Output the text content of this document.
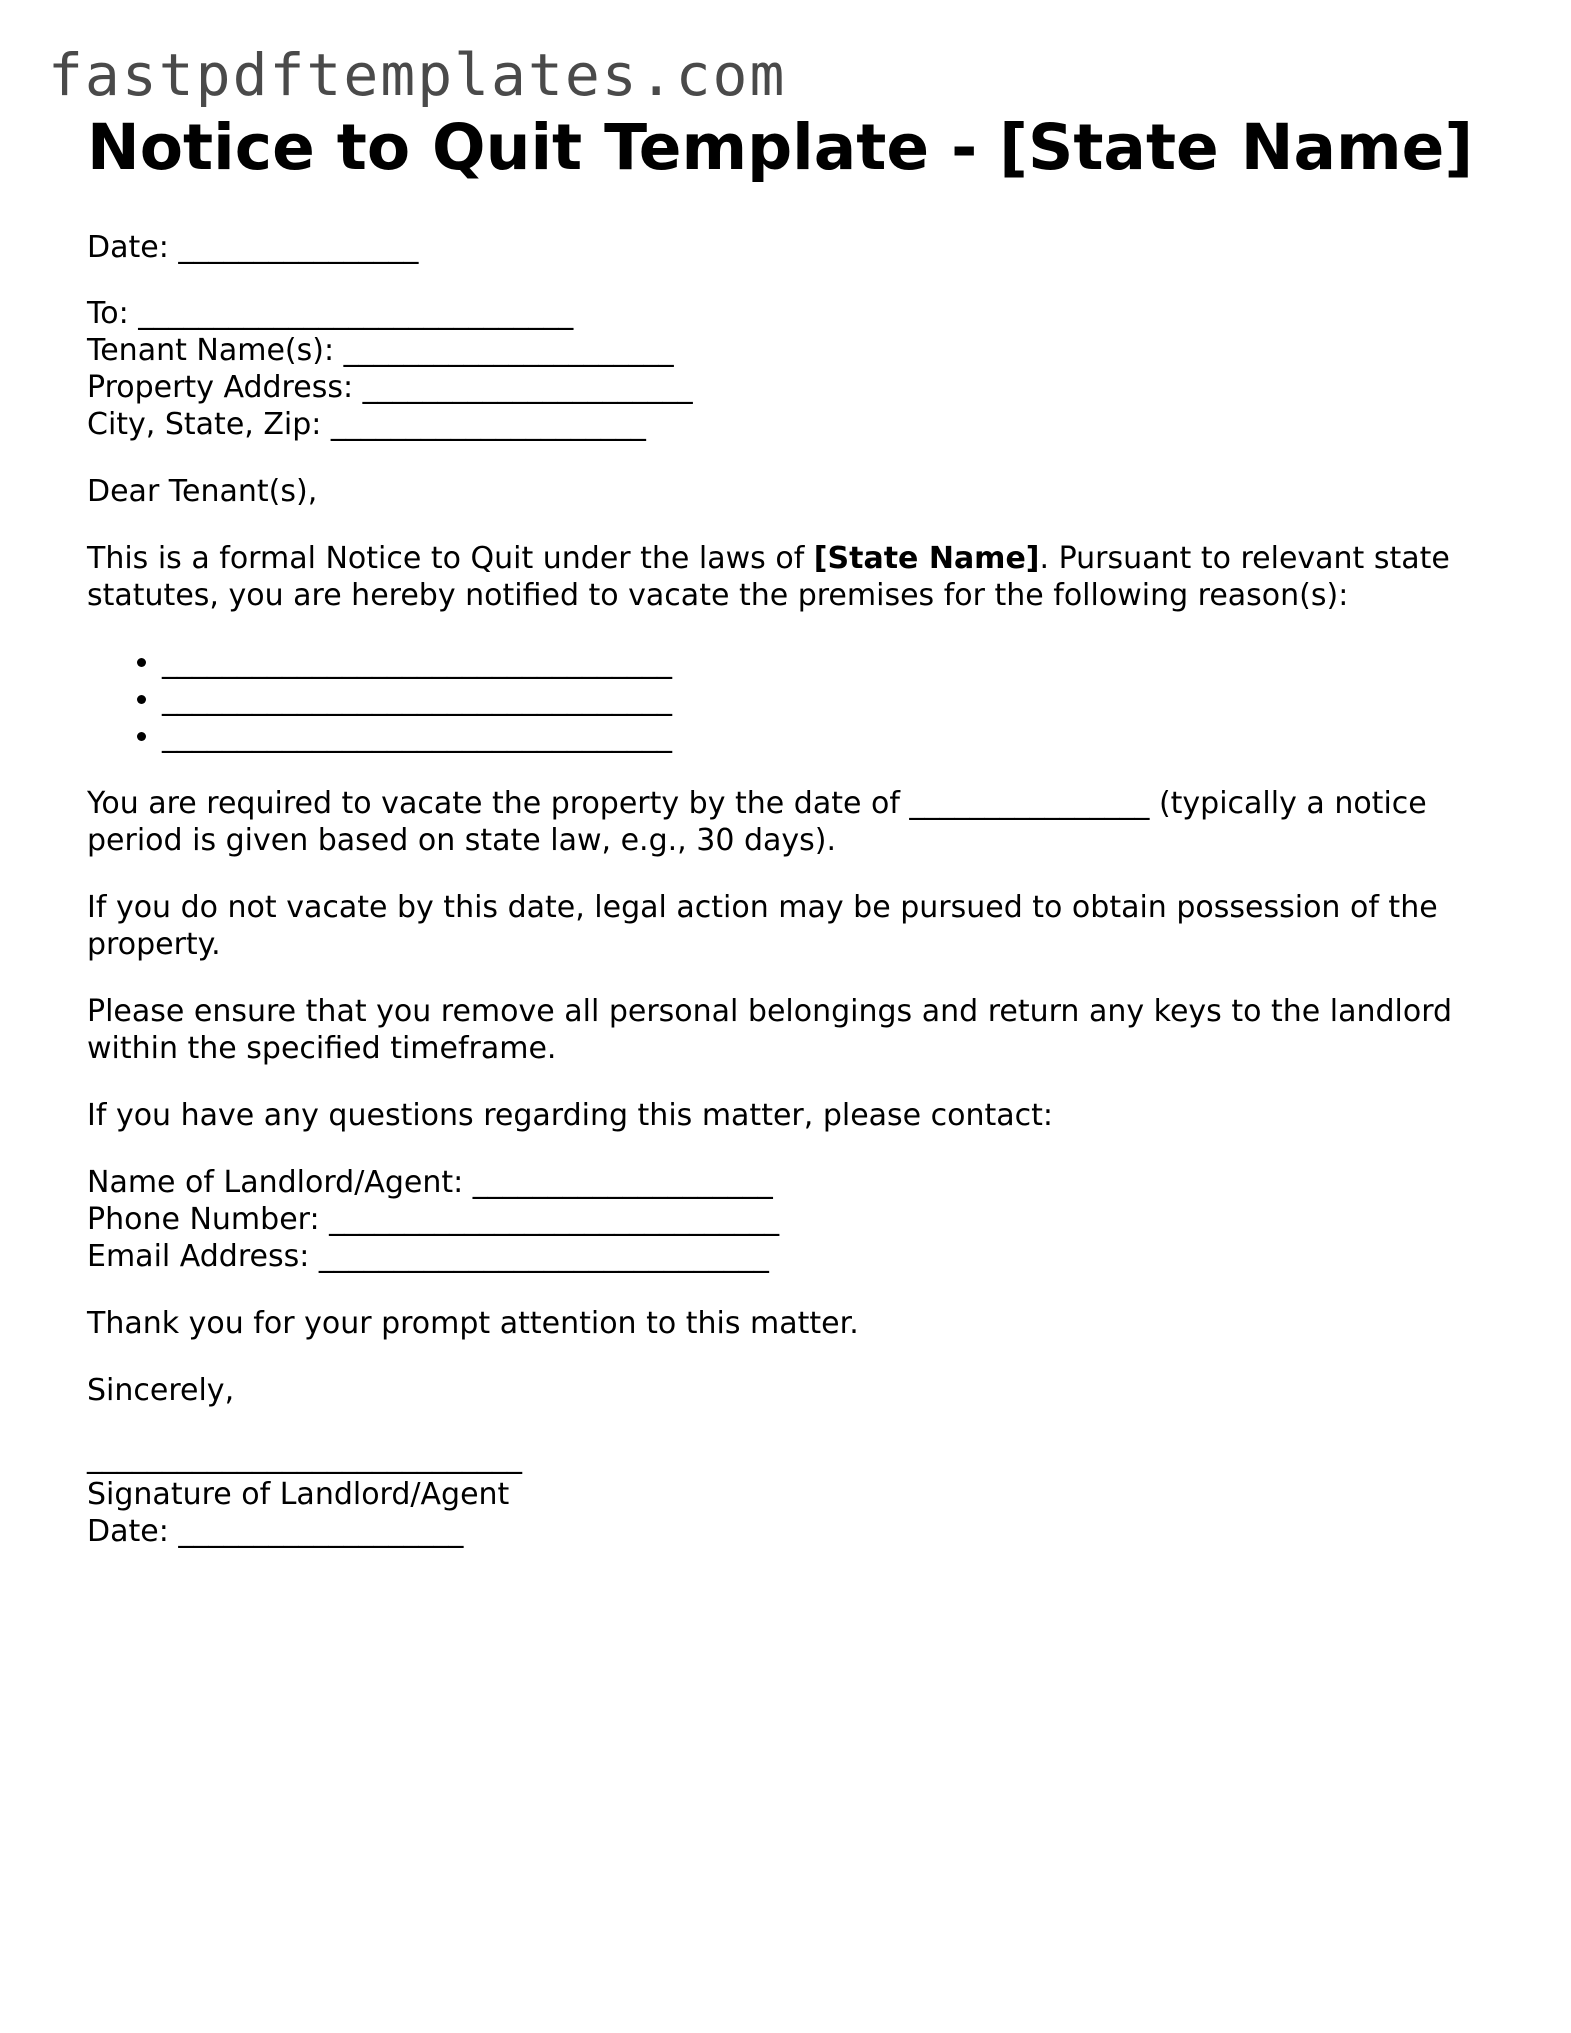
fastpdftemplates.com
Notice to Quit Template - [State Name]

Date: ________________

To: _____________________________

Tenant Name(s): ______________________

Property Address: ______________________

City, State, Zip: _____________________

Dear Tenant(s),

This is a formal Notice to Quit under the laws of [State Name]. Pursuant to relevant state statutes, you are hereby notified to vacate the premises for the following reason(s):

• __________________________________
• __________________________________
• __________________________________

You are required to vacate the property by the date of ________________ (typically a notice period is given based on state law, e.g., 30 days).

If you do not vacate by this date, legal action may be pursued to obtain possession of the property.

Please ensure that you remove all personal belongings and return any keys to the landlord within the specified timeframe.

If you have any questions regarding this matter, please contact:

Name of Landlord/Agent: ____________________

Phone Number: ______________________________

Email Address: ______________________________

Thank you for your prompt attention to this matter.

Sincerely,

_____________________________

Signature of Landlord/Agent

Date: ___________________
